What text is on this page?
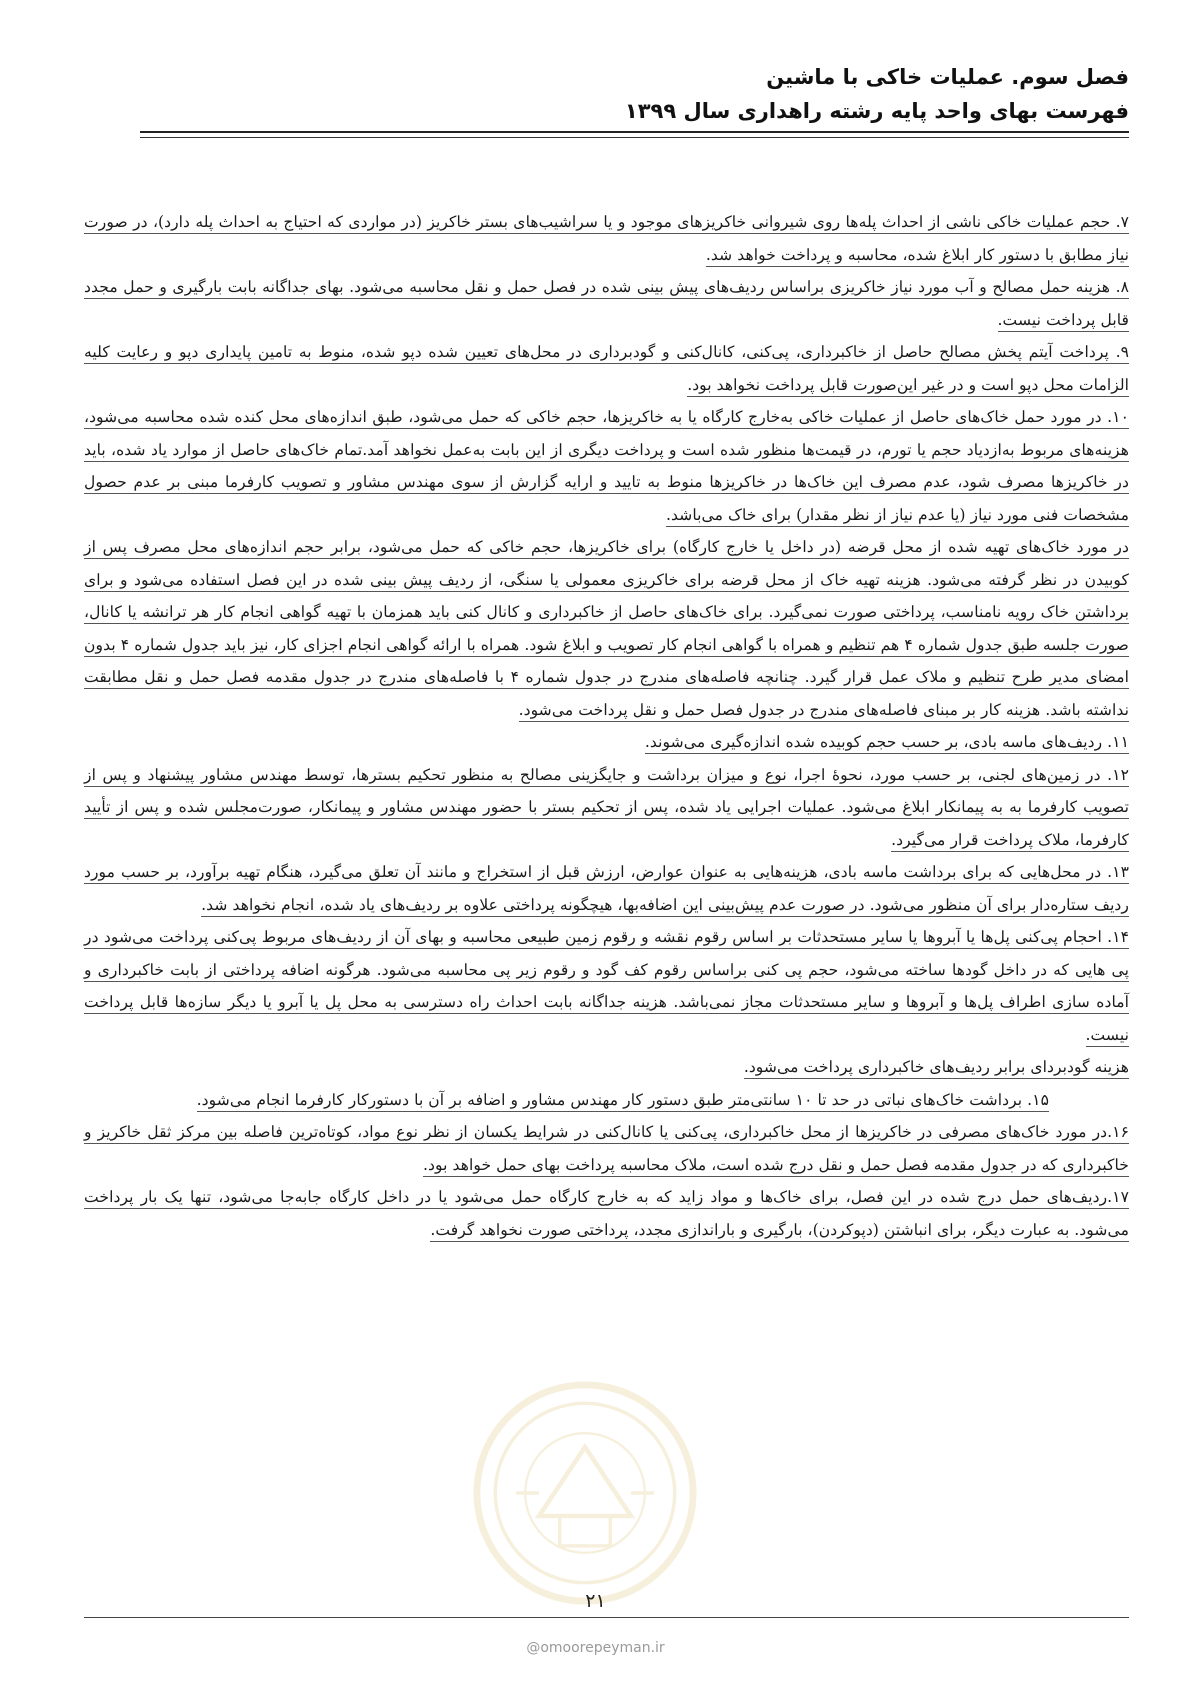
فصل سوم. عملیات خاکی با ماشین
فهرست بهای واحد پایه رشته راهداری سال ۱۳۹۹

۷. حجم عملیات خاکی ناشی از احداث پله‌ها روی شیروانی خاکریزهای موجود و یا سراشیب‌های بستر خاکریز (در مواردی که احتیاج به احداث پله دارد)، در صورت نیاز مطابق با دستور کار ابلاغ شده، محاسبه و پرداخت خواهد شد.

۸. هزینه حمل مصالح و آب مورد نیاز خاکریزی براساس ردیف‌های پیش بینی شده در فصل حمل و نقل محاسبه می‌شود. بهای جداگانه بابت بارگیری و حمل مجدد قابل پرداخت نیست.

۹. پرداخت آیتم پخش مصالح حاصل از خاکبرداری، پی‌کنی، کانال‌کنی و گودبرداری در محل‌های تعیین شده دپو شده، منوط به تامین پایداری دپو و رعایت کلیه الزامات محل دپو است و در غیر این‌صورت قابل پرداخت نخواهد بود.

۱۰. در مورد حمل خاک‌های حاصل از عملیات خاکی به‌خارج کارگاه یا به خاکریزها، حجم خاکی که حمل می‌شود، طبق اندازه‌های محل کنده شده محاسبه می‌شود، هزینه‌های مربوط به‌ازدیاد حجم یا تورم، در قیمت‌ها منظور شده است و پرداخت دیگری از این بابت به‌عمل نخواهد آمد.تمام خاک‌های حاصل از موارد یاد شده، باید در خاکریزها مصرف شود، عدم مصرف این خاک‌ها در خاکریزها منوط به تایید و ارایه گزارش از سوی مهندس مشاور و تصویب کارفرما مبنی بر عدم حصول مشخصات فنی مورد نیاز (یا عدم نیاز از نظر مقدار) برای خاک می‌باشد.

در مورد خاک‌های تهیه شده از محل قرضه (در داخل یا خارج کارگاه) برای خاکریزها، حجم خاکی که حمل می‌شود، برابر حجم اندازه‌های محل مصرف پس از کوبیدن در نظر گرفته می‌شود. هزینه تهیه خاک از محل قرضه برای خاکریزی معمولی یا سنگی، از ردیف پیش بینی شده در این فصل استفاده می‌شود و برای برداشتن خاک رویه نامناسب، پرداختی صورت نمی‌گیرد. برای خاک‌های حاصل از خاکبرداری و کانال کنی باید همزمان با تهیه گواهی انجام کار هر ترانشه یا کانال، صورت جلسه طبق جدول شماره ۴ هم تنظیم و همراه با گواهی انجام کار تصویب و ابلاغ شود. همراه با ارائه گواهی انجام اجزای کار، نیز باید جدول شماره ۴ بدون امضای مدیر طرح تنظیم و ملاک عمل قرار گیرد. چنانچه فاصله‌های مندرج در جدول شماره ۴ با فاصله‌های مندرج در جدول مقدمه فصل حمل و نقل مطابقت نداشته باشد. هزینه کار بر مبنای فاصله‌های مندرج در جدول فصل حمل و نقل پرداخت می‌شود.

۱۱. ردیف‌های ماسه بادی، بر حسب حجم کوبیده شده اندازه‌گیری می‌شوند.

۱۲. در زمین‌های لجنی، بر حسب مورد، نحوهٔ اجرا، نوع و میزان برداشت و جایگزینی مصالح به منظور تحکیم بسترها، توسط مهندس مشاور پیشنهاد و پس از تصویب کارفرما به به پیمانکار ابلاغ می‌شود. عملیات اجرایی یاد شده، پس از تحکیم بستر با حضور مهندس مشاور و پیمانکار، صورت‌مجلس شده و پس از تأیید کارفرما، ملاک پرداخت قرار می‌گیرد.

۱۳. در محل‌هایی که برای برداشت ماسه بادی، هزینه‌هایی به عنوان عوارض، ارزش قبل از استخراج و مانند آن تعلق می‌گیرد، هنگام تهیه برآورد، بر حسب مورد ردیف ستاره‌دار برای آن منظور می‌شود. در صورت عدم پیش‌بینی این اضافه‌بها، هیچگونه پرداختی علاوه بر ردیف‌های یاد شده، انجام نخواهد شد.

۱۴. احجام پی‌کنی پل‌ها یا آبروها یا سایر مستحدثات بر اساس رقوم نقشه و رقوم زمین طبیعی محاسبه و بهای آن از ردیف‌های مربوط پی‌کنی پرداخت می‌شود در پی هایی که در داخل گودها ساخته می‌شود، حجم پی کنی براساس رقوم کف گود و رقوم زیر پی محاسبه می‌شود. هرگونه اضافه پرداختی از بابت خاکبرداری و آماده سازی اطراف پل‌ها و آبروها و سایر مستحدثات مجاز نمی‌باشد. هزینه جداگانه بابت احداث راه دسترسی به محل پل یا آبرو یا دیگر سازه‌ها قابل پرداخت نیست.

هزینه گودبردای برابر ردیف‌های خاکبرداری پرداخت می‌شود.

۱۵. برداشت خاک‌های نباتی در حد تا ۱۰ سانتی‌متر طبق دستور کار مهندس مشاور و اضافه بر آن با دستورکار کارفرما انجام می‌شود.

۱۶.در مورد خاک‌های مصرفی در خاکریزها از محل خاکبرداری، پی‌کنی یا کانال‌کنی در شرایط یکسان از نظر نوع مواد، کوتاه‌ترین فاصله بین مرکز ثقل خاکریز و خاکبرداری که در جدول مقدمه فصل حمل و نقل درج شده است، ملاک محاسبه پرداخت بهای حمل خواهد بود.

۱۷.ردیف‌های حمل درج شده در این فصل، برای خاک‌ها و مواد زاید که به خارج کارگاه حمل می‌شود یا در داخل کارگاه جابه‌جا می‌شود، تنها یک بار پرداخت می‌شود. به عبارت دیگر، برای انباشتن (دپوکردن)، بارگیری و باراندازی مجدد، پرداختی صورت نخواهد گرفت.

۲۱
@omoorepeyman.ir
